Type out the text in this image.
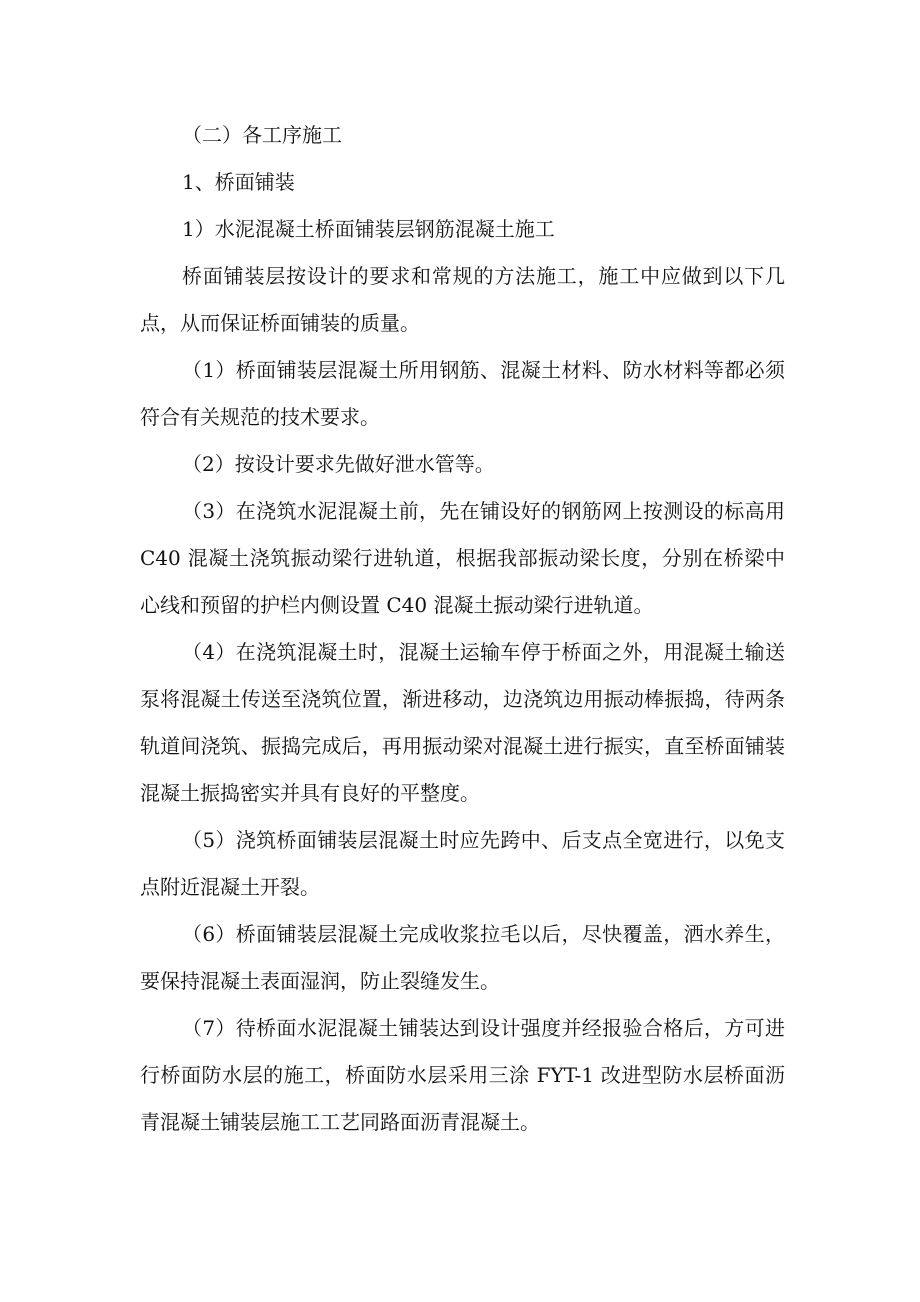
（二）各工序施工

1、桥面铺装

1）水泥混凝土桥面铺装层钢筋混凝土施工

桥面铺装层按设计的要求和常规的方法施工，施工中应做到以下几点，从而保证桥面铺装的质量。

（1）桥面铺装层混凝土所用钢筋、混凝土材料、防水材料等都必须符合有关规范的技术要求。

（2）按设计要求先做好泄水管等。

（3）在浇筑水泥混凝土前，先在铺设好的钢筋网上按测设的标高用 C40 混凝土浇筑振动梁行进轨道，根据我部振动梁长度，分别在桥梁中心线和预留的护栏内侧设置 C40 混凝土振动梁行进轨道。

（4）在浇筑混凝土时，混凝土运输车停于桥面之外，用混凝土输送泵将混凝土传送至浇筑位置，渐进移动，边浇筑边用振动棒振捣，待两条轨道间浇筑、振捣完成后，再用振动梁对混凝土进行振实，直至桥面铺装混凝土振捣密实并具有良好的平整度。

（5）浇筑桥面铺装层混凝土时应先跨中、后支点全宽进行，以免支点附近混凝土开裂。

（6）桥面铺装层混凝土完成收浆拉毛以后，尽快覆盖，洒水养生，要保持混凝土表面湿润，防止裂缝发生。

（7）待桥面水泥混凝土铺装达到设计强度并经报验合格后，方可进行桥面防水层的施工，桥面防水层采用三涂 FYT-1 改进型防水层桥面沥青混凝土铺装层施工工艺同路面沥青混凝土。
